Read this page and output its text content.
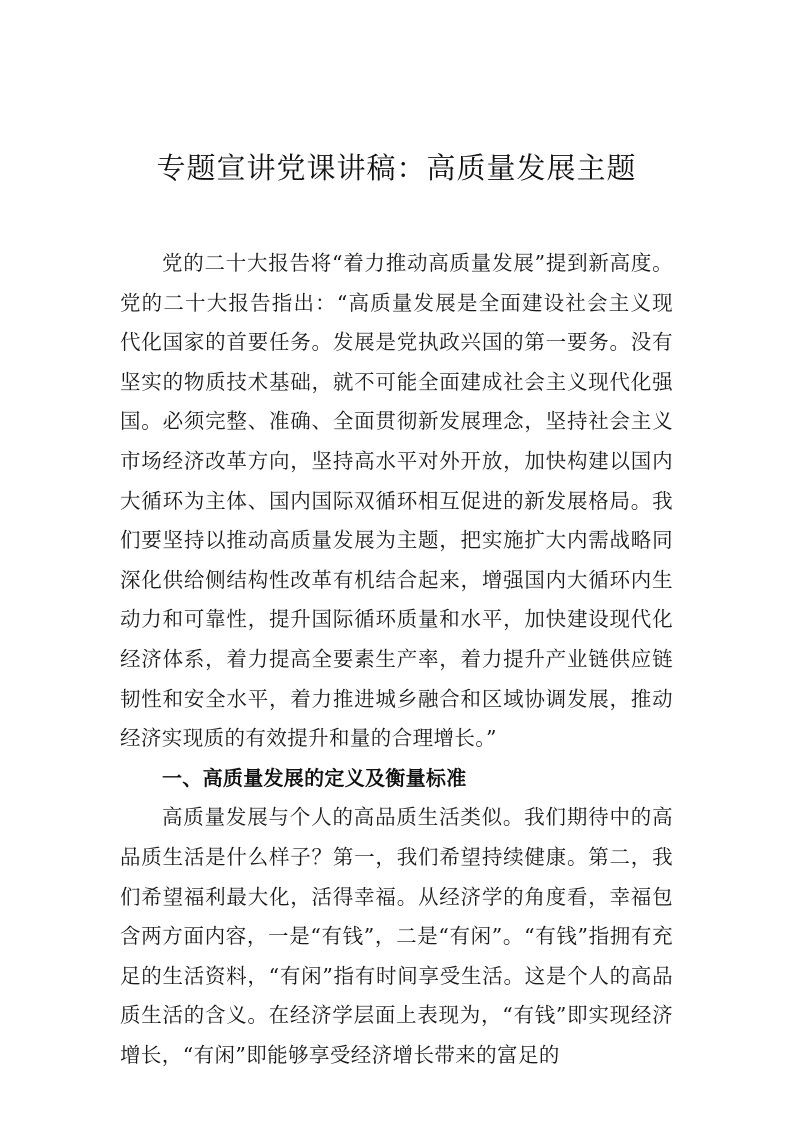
专题宣讲党课讲稿：高质量发展主题

党的二十大报告将“着力推动高质量发展”提到新高度。党的二十大报告指出：“高质量发展是全面建设社会主义现代化国家的首要任务。发展是党执政兴国的第一要务。没有坚实的物质技术基础，就不可能全面建成社会主义现代化强国。必须完整、准确、全面贯彻新发展理念，坚持社会主义市场经济改革方向，坚持高水平对外开放，加快构建以国内大循环为主体、国内国际双循环相互促进的新发展格局。我们要坚持以推动高质量发展为主题，把实施扩大内需战略同深化供给侧结构性改革有机结合起来，增强国内大循环内生动力和可靠性，提升国际循环质量和水平，加快建设现代化经济体系，着力提高全要素生产率，着力提升产业链供应链韧性和安全水平，着力推进城乡融合和区域协调发展，推动经济实现质的有效提升和量的合理增长。”

一、高质量发展的定义及衡量标准

高质量发展与个人的高品质生活类似。我们期待中的高品质生活是什么样子？第一，我们希望持续健康。第二，我们希望福利最大化，活得幸福。从经济学的角度看，幸福包含两方面内容，一是“有钱”，二是“有闲”。“有钱”指拥有充足的生活资料，“有闲”指有时间享受生活。这是个人的高品质生活的含义。在经济学层面上表现为，“有钱”即实现经济增长，“有闲”即能够享受经济增长带来的富足的
